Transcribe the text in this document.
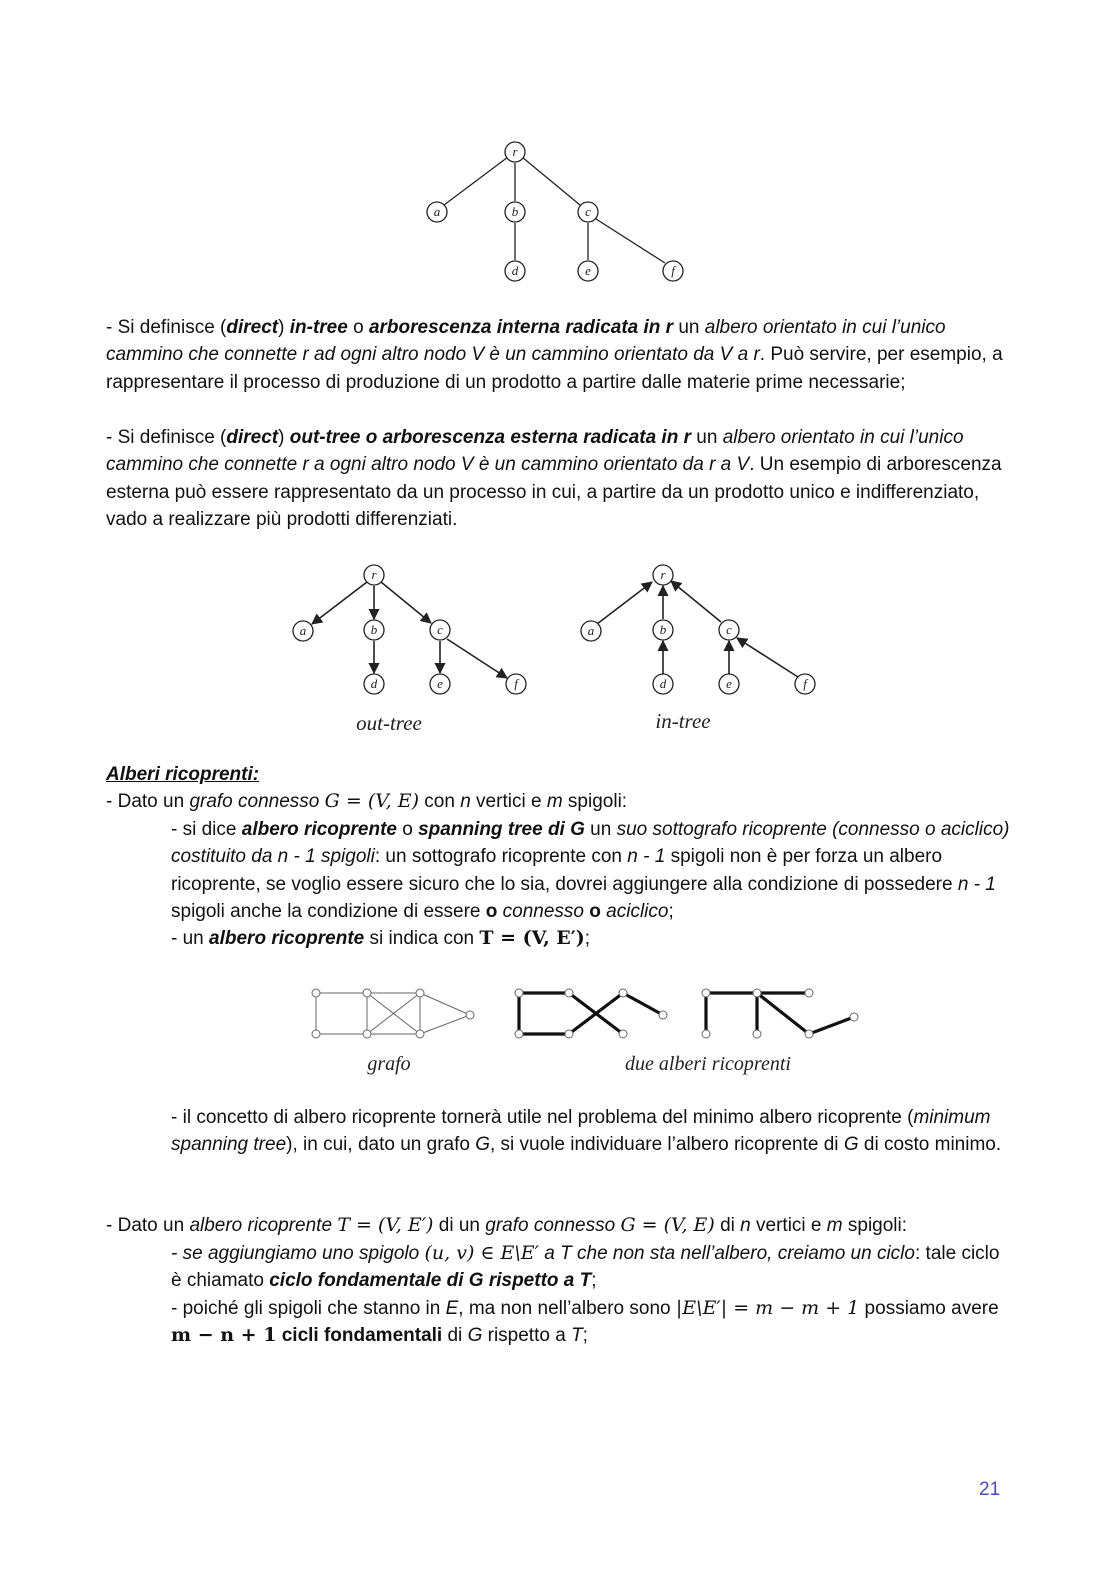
r
a	b	c
d	e	f
- Si definisce (direct) in-tree o arborescenza interna radicata in r un albero orientato in cui l’unico cammino che connette r ad ogni altro nodo V è un cammino orientato da V a r. Può servire, per esempio, a rappresentare il processo di produzione di un prodotto a partire dalle materie prime necessarie;
- Si definisce (direct) out-tree o arborescenza esterna radicata in r un albero orientato in cui l’unico cammino che connette r a ogni altro nodo V è un cammino orientato da r a V. Un esempio di arborescenza esterna può essere rappresentato da un processo in cui, a partire da un prodotto unico e indifferenziato, vado a realizzare più prodotti differenziati.
r
a	b	c
d	e	f
r
a	b	c
d	e	f
out-tree	in-tree
Alberi ricoprenti:
- Dato un grafo connesso G = (V, E) con n vertici e m spigoli:
- si dice albero ricoprente o spanning tree di G un suo sottografo ricoprente (connesso o aciclico) costituito da n - 1 spigoli: un sottografo ricoprente con n - 1 spigoli non è per forza un albero ricoprente, se voglio essere sicuro che lo sia, dovrei aggiungere alla condizione di possedere n - 1 spigoli anche la condizione di essere o connesso o aciclico;
- un albero ricoprente si indica con T = (V, E′);
grafo	due alberi ricoprenti
- il concetto di albero ricoprente tornerà utile nel problema del minimo albero ricoprente (minimum spanning tree), in cui, dato un grafo G, si vuole individuare l’albero ricoprente di G di costo minimo.
- Dato un albero ricoprente T = (V, E′) di un grafo connesso G = (V, E) di n vertici e m spigoli:
- se aggiungiamo uno spigolo (u, v) ∈ E\E′ a T che non sta nell’albero, creiamo un ciclo: tale ciclo è chiamato ciclo fondamentale di G rispetto a T;
- poiché gli spigoli che stanno in E, ma non nell’albero sono |E\E′| = m − m + 1 possiamo avere m − n + 1 cicli fondamentali di G rispetto a T;
21
